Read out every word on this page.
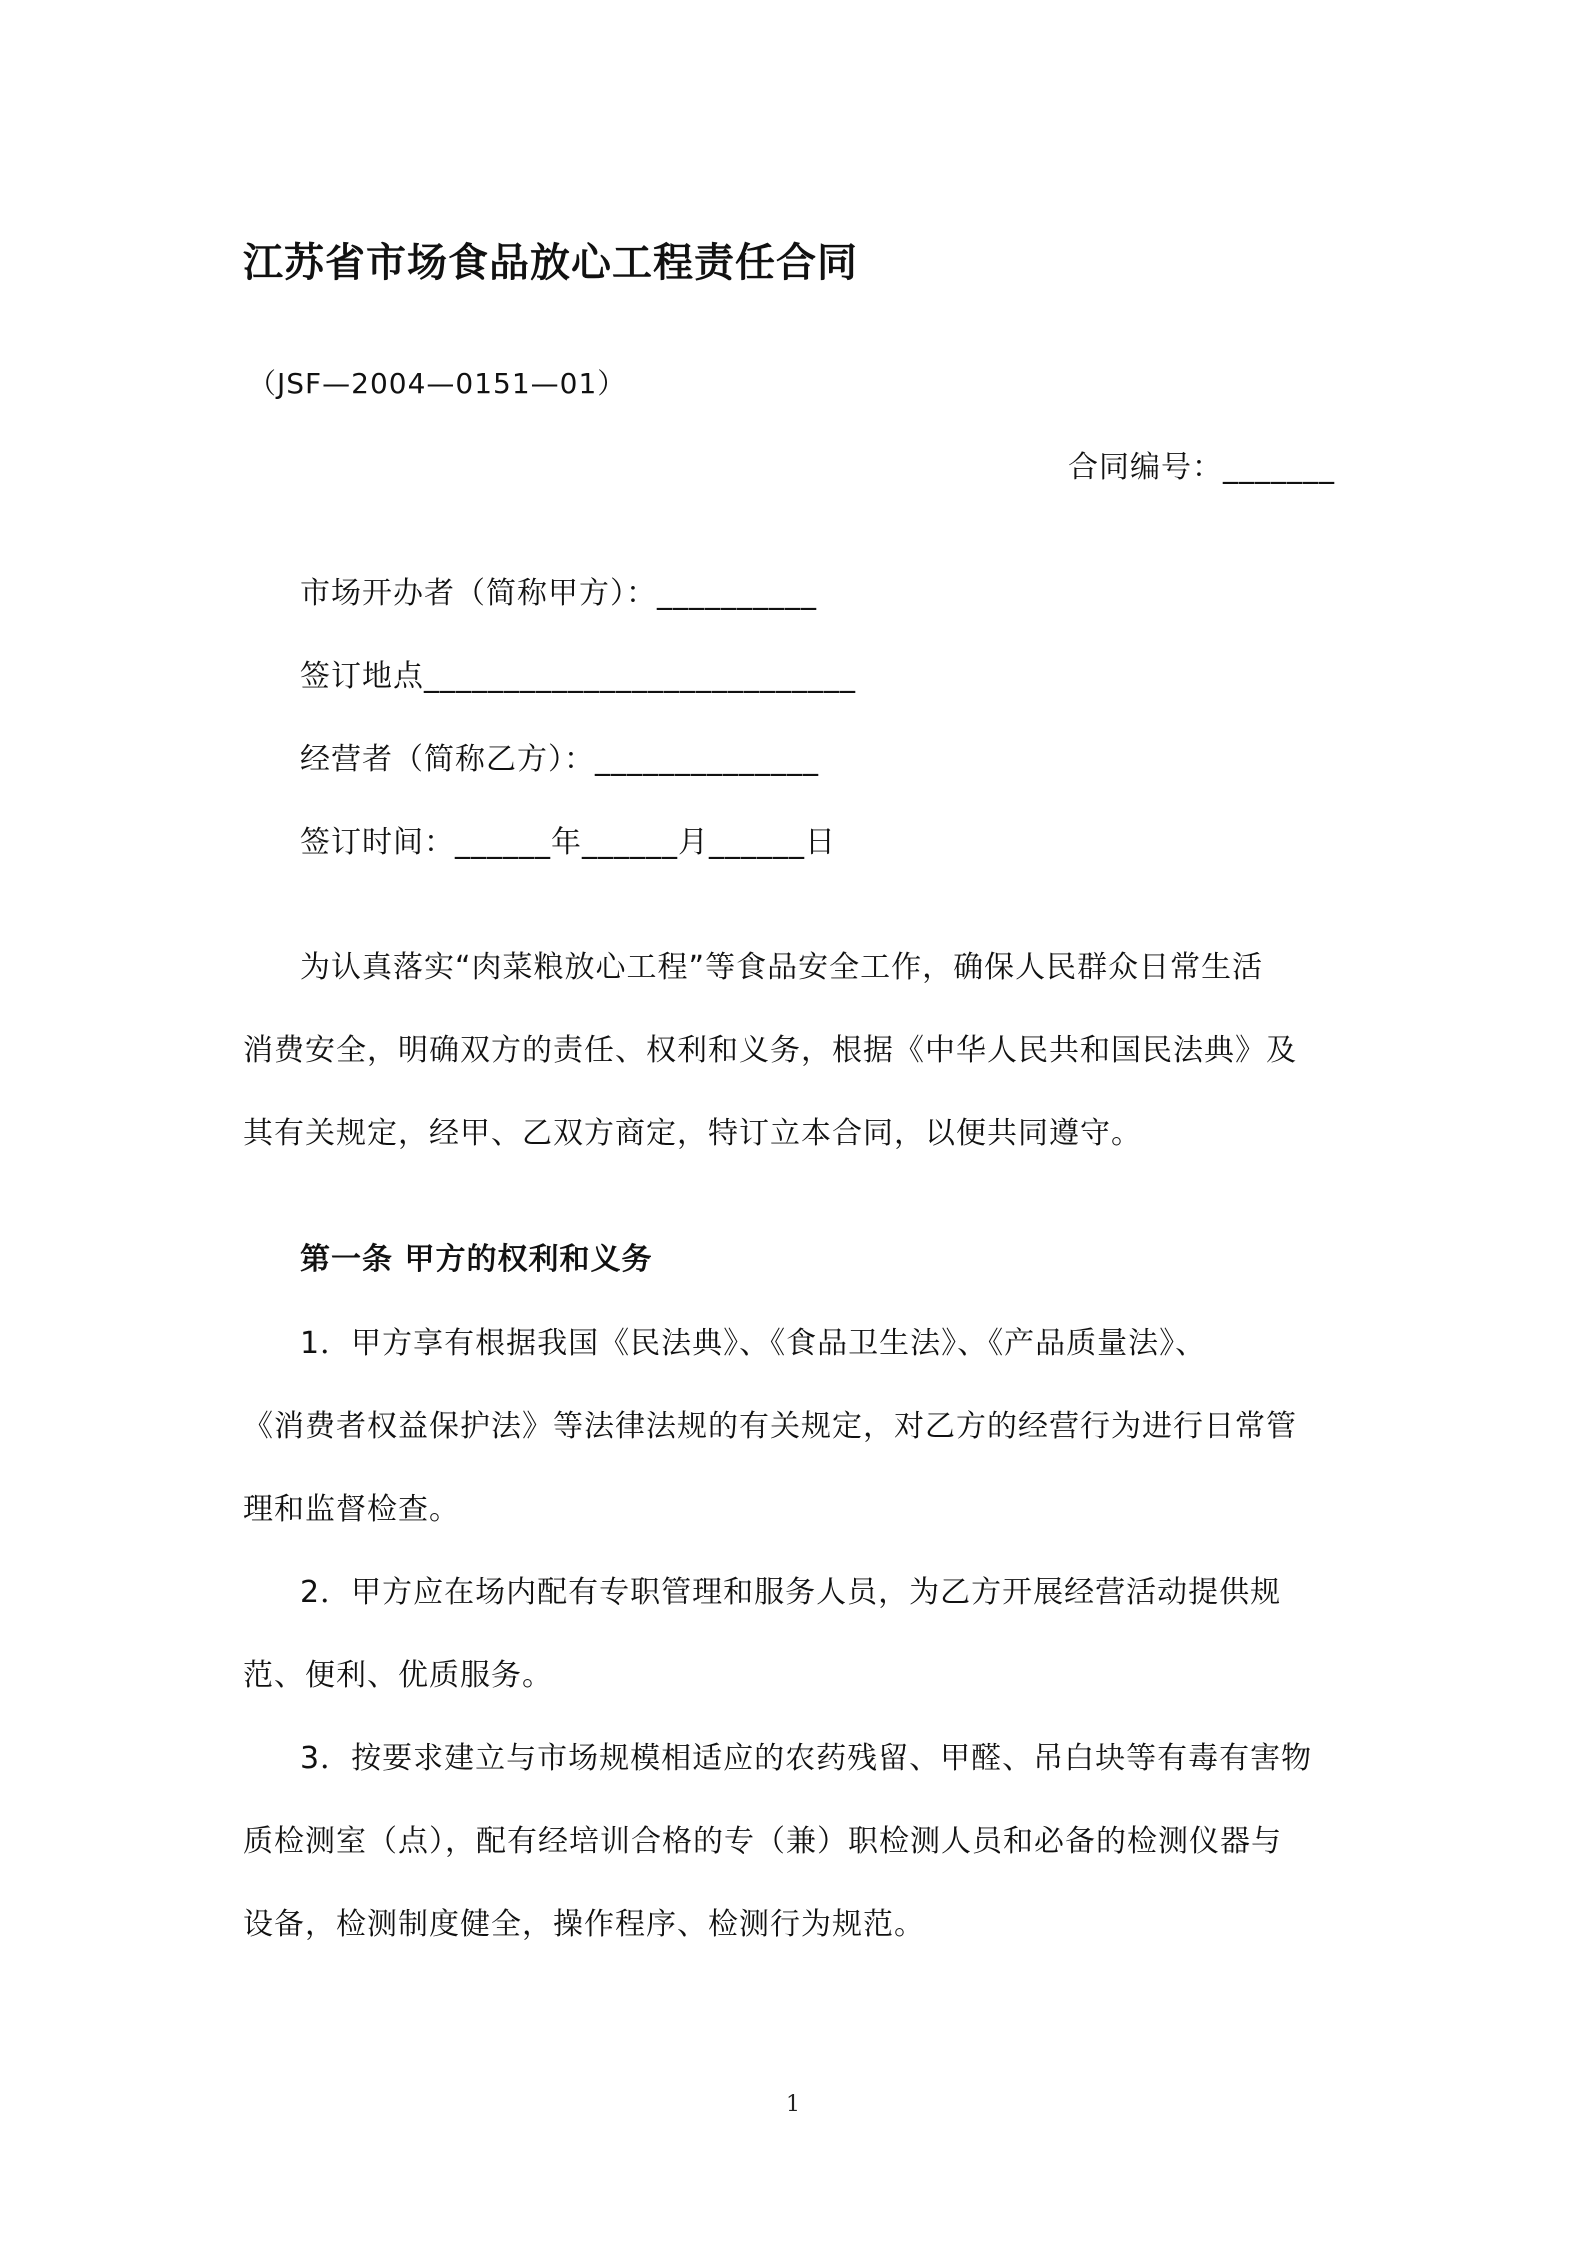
江苏省市场食品放心工程责任合同
（JSF—2004—0151—01）
合同编号：_______
市场开办者（简称甲方）：__________
签订地点___________________________
经营者（简称乙方）：______________
签订时间：______年______月______日
为认真落实“肉菜粮放心工程”等食品安全工作，确保人民群众日常生活
消费安全，明确双方的责任、权利和义务，根据《中华人民共和国民法典》及
其有关规定，经甲、乙双方商定，特订立本合同，以便共同遵守。
第一条 甲方的权利和义务
1．甲方享有根据我国《民法典》、《食品卫生法》、《产品质量法》、
《消费者权益保护法》等法律法规的有关规定，对乙方的经营行为进行日常管
理和监督检查。
2．甲方应在场内配有专职管理和服务人员，为乙方开展经营活动提供规
范、便利、优质服务。
3．按要求建立与市场规模相适应的农药残留、甲醛、吊白块等有毒有害物
质检测室（点），配有经培训合格的专（兼）职检测人员和必备的检测仪器与
设备，检测制度健全，操作程序、检测行为规范。
1
